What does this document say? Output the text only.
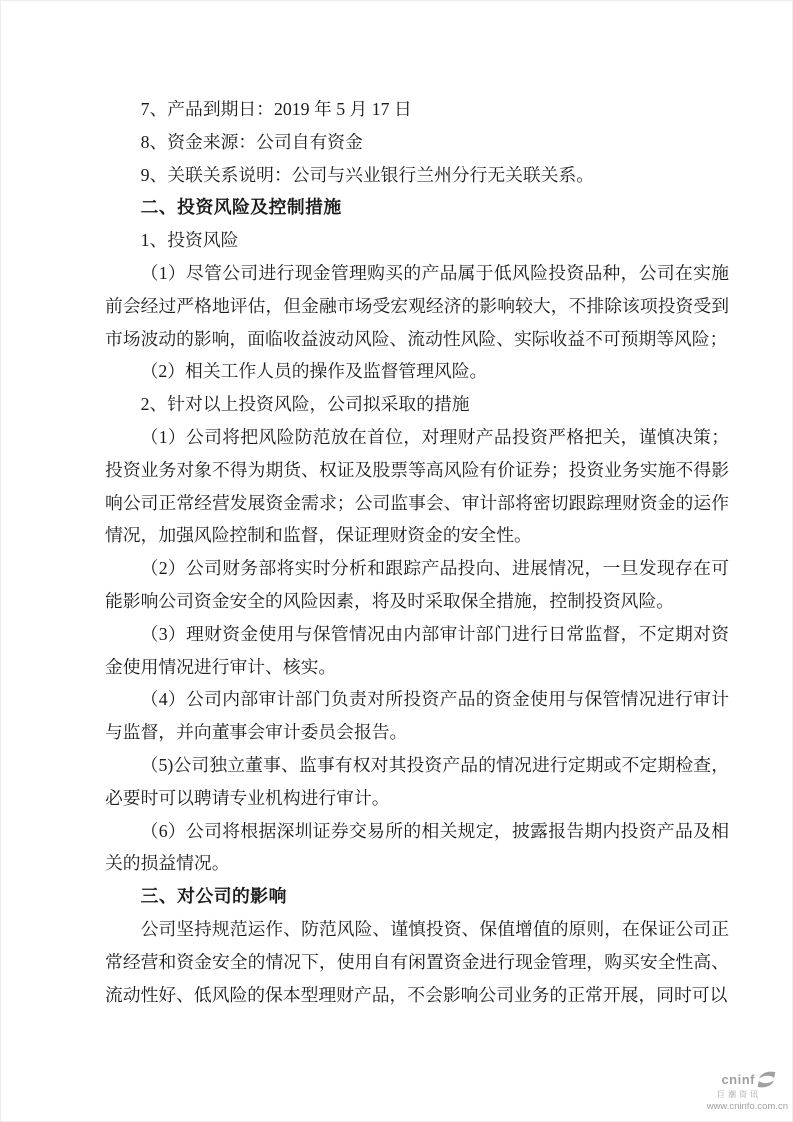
7、产品到期日：2019 年 5 月 17 日

8、资金来源：公司自有资金

9、关联关系说明：公司与兴业银行兰州分行无关联关系。

二、投资风险及控制措施

1、投资风险

（1）尽管公司进行现金管理购买的产品属于低风险投资品种，公司在实施前会经过严格地评估，但金融市场受宏观经济的影响较大，不排除该项投资受到市场波动的影响，面临收益波动风险、流动性风险、实际收益不可预期等风险；

（2）相关工作人员的操作及监督管理风险。

2、针对以上投资风险，公司拟采取的措施

（1）公司将把风险防范放在首位，对理财产品投资严格把关，谨慎决策；投资业务对象不得为期货、权证及股票等高风险有价证券；投资业务实施不得影响公司正常经营发展资金需求；公司监事会、审计部将密切跟踪理财资金的运作情况，加强风险控制和监督，保证理财资金的安全性。

（2）公司财务部将实时分析和跟踪产品投向、进展情况，一旦发现存在可能影响公司资金安全的风险因素，将及时采取保全措施，控制投资风险。

（3）理财资金使用与保管情况由内部审计部门进行日常监督，不定期对资金使用情况进行审计、核实。

（4）公司内部审计部门负责对所投资产品的资金使用与保管情况进行审计与监督，并向董事会审计委员会报告。

（5)公司独立董事、监事有权对其投资产品的情况进行定期或不定期检查，必要时可以聘请专业机构进行审计。

（6）公司将根据深圳证券交易所的相关规定，披露报告期内投资产品及相关的损益情况。

三、对公司的影响

公司坚持规范运作、防范风险、谨慎投资、保值增值的原则，在保证公司正常经营和资金安全的情况下，使用自有闲置资金进行现金管理，购买安全性高、流动性好、低风险的保本型理财产品，不会影响公司业务的正常开展，同时可以

cninf
巨潮资讯
www.cninfo.com.cn
